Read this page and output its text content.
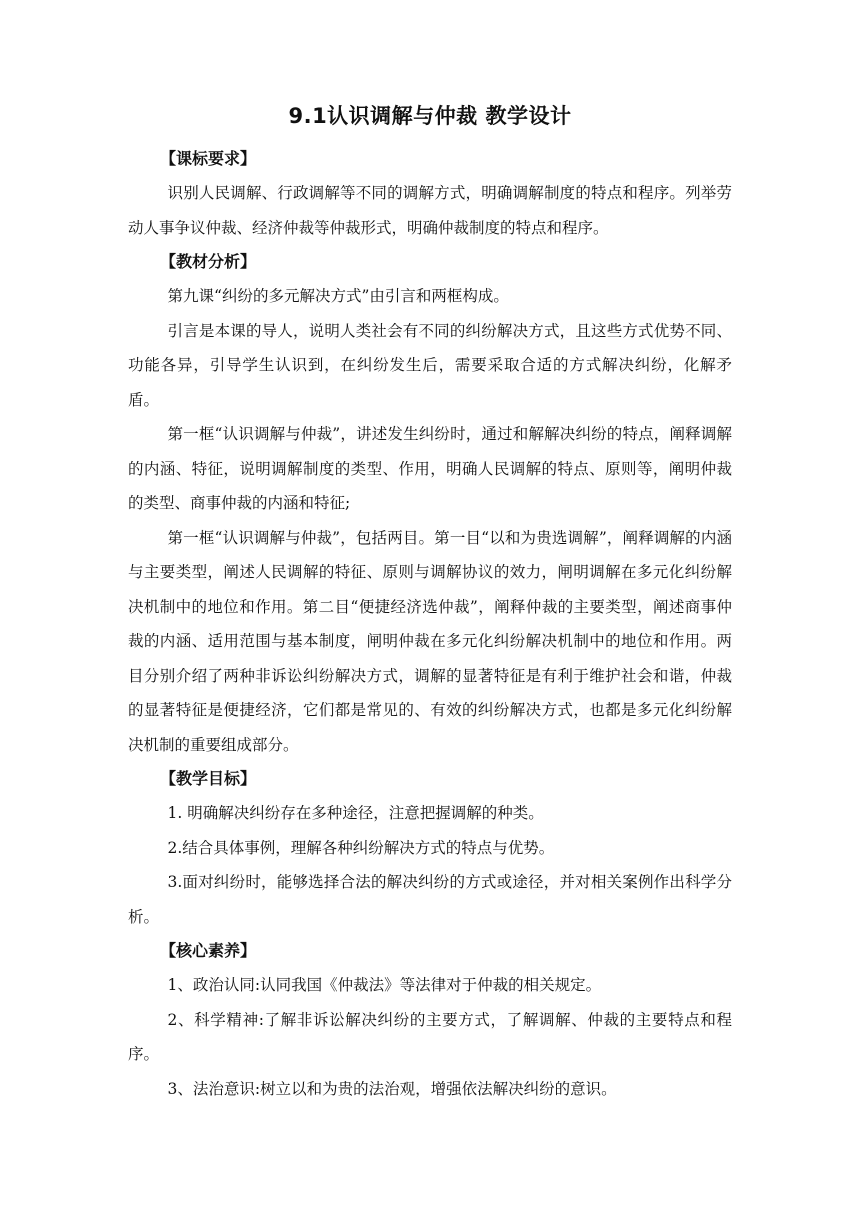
9.1认识调解与仲裁 教学设计

【课标要求】

识别人民调解、行政调解等不同的调解方式，明确调解制度的特点和程序。列举劳动人事争议仲裁、经济仲裁等仲裁形式，明确仲裁制度的特点和程序。

【教材分析】

第九课“纠纷的多元解决方式”由引言和两框构成。

引言是本课的导人，说明人类社会有不同的纠纷解决方式，且这些方式优势不同、功能各异，引导学生认识到，在纠纷发生后，需要采取合适的方式解决纠纷，化解矛盾。

第一框“认识调解与仲裁”，讲述发生纠纷时，通过和解解决纠纷的特点，阐释调解的内涵、特征，说明调解制度的类型、作用，明确人民调解的特点、原则等，阐明仲裁的类型、商事仲裁的内涵和特征;

第一框“认识调解与仲裁”，包括两目。第一目“以和为贵选调解”，阐释调解的内涵与主要类型，阐述人民调解的特征、原则与调解协议的效力，闸明调解在多元化纠纷解决机制中的地位和作用。第二目“便捷经济选仲裁”，阐释仲裁的主要类型，阐述商事仲裁的内涵、适用范围与基本制度，闸明仲裁在多元化纠纷解决机制中的地位和作用。两目分别介绍了两种非诉讼纠纷解决方式，调解的显著特征是有利于维护社会和谐，仲裁的显著特征是便捷经济，它们都是常见的、有效的纠纷解决方式，也都是多元化纠纷解决机制的重要组成部分。

【教学目标】

1. 明确解决纠纷存在多种途径，注意把握调解的种类。

2.结合具体事例，理解各种纠纷解决方式的特点与优势。

3.面对纠纷时，能够选择合法的解决纠纷的方式或途径，并对相关案例作出科学分析。

【核心素养】

1、政治认同:认同我国《仲裁法》等法律对于仲裁的相关规定。

2、科学精神:了解非诉讼解决纠纷的主要方式，了解调解、仲裁的主要特点和程序。

3、法治意识:树立以和为贵的法治观，增强依法解决纠纷的意识。
